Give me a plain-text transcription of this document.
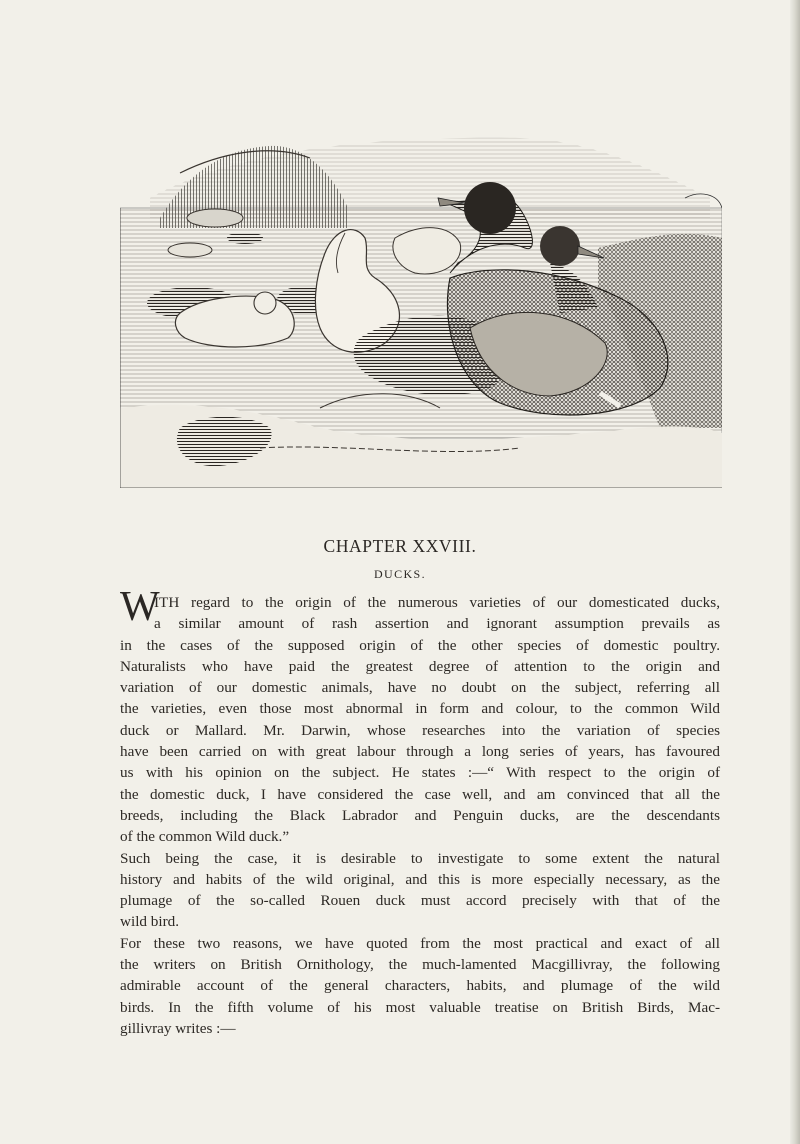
CHAPTER XXVIII.
DUCKS.
W
ITH regard to the origin of the numerous varieties of our domesticated ducks,
a similar amount of rash assertion and ignorant assumption prevails as
in the cases of the supposed origin of the other species of domestic poultry.
Naturalists who have paid the greatest degree of attention to the origin and
variation of our domestic animals, have no doubt on the subject, referring all
the varieties, even those most abnormal in form and colour, to the common Wild
duck or Mallard. Mr. Darwin, whose researches into the variation of species
have been carried on with great labour through a long series of years, has favoured
us with his opinion on the subject. He states :—“ With respect to the origin of
the domestic duck, I have considered the case well, and am convinced that all the
breeds, including the Black Labrador and Penguin ducks, are the descendants
of the common Wild duck.”
Such being the case, it is desirable to investigate to some extent the natural
history and habits of the wild original, and this is more especially necessary, as the
plumage of the so-called Rouen duck must accord precisely with that of the
wild bird.
For these two reasons, we have quoted from the most practical and exact of all
the writers on British Ornithology, the much-lamented Macgillivray, the following
admirable account of the general characters, habits, and plumage of the wild
birds. In the fifth volume of his most valuable treatise on British Birds, Mac-
gillivray writes :—
